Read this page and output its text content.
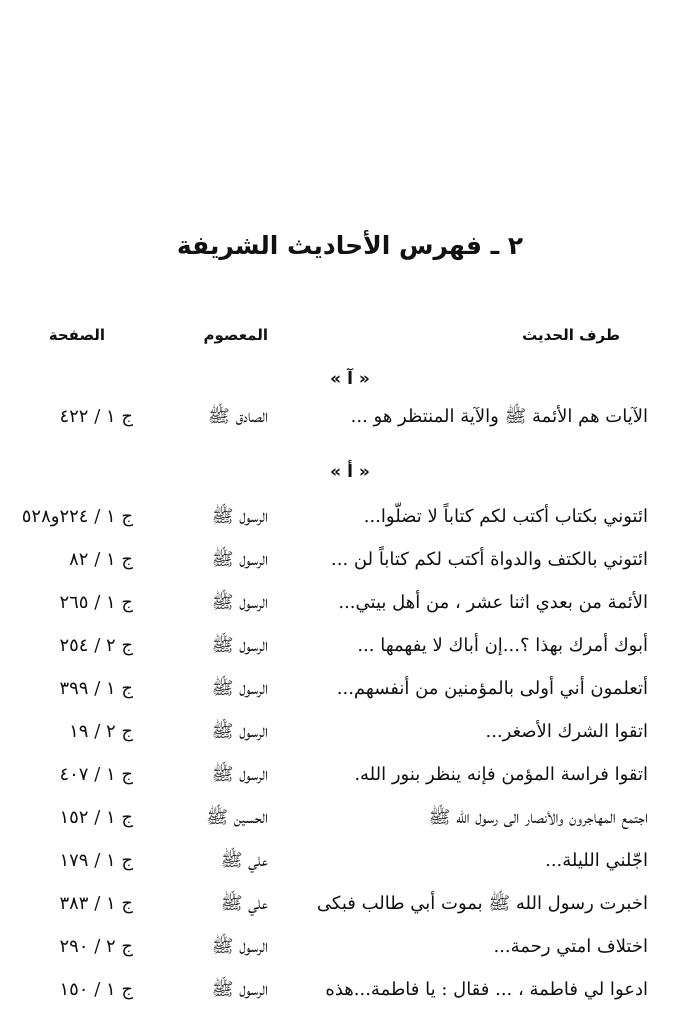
٢ ـ فهرس الأحاديث الشريفة
طرف الحديث
المعصوم
الصفحة
« آ »
الآيات هم الأئمة ﷺ والآية المنتظر هو ...
الصادق ﷺ
ج ١ / ٤٢٢
« أ »
ائتوني بكتاب أكتب لكم كتاباً لا تضلّوا...
الرسول ﷺ
ج ١ / ٢٢٤و٥٢٨
ائتوني بالكتف والدواة أكتب لكم كتاباً لن ...
الرسول ﷺ
ج ١ / ٨٢
الأئمة من بعدي اثنا عشر ، من أهل بيتي...
الرسول ﷺ
ج ١ / ٢٦٥
أبوك أمرك بهذا ؟...إن أباك لا يفهمها ...
الرسول ﷺ
ج ٢ / ٢٥٤
أتعلمون أني أولى بالمؤمنين من أنفسهم...
الرسول ﷺ
ج ١ / ٣٩٩
اتقوا الشرك الأصغر...
الرسول ﷺ
ج ٢ / ١٩
اتقوا فراسة المؤمن فإنه ينظر بنور الله.
الرسول ﷺ
ج ١ / ٤٠٧
اجتمع المهاجرون والأنصار الى رسول الله ﷺ
الحسين ﷺ
ج ١ / ١٥٢
اجّلني الليلة...
علي ﷺ
ج ١ / ١٧٩
اخبرت رسول الله ﷺ بموت أبي طالب فبكى
علي ﷺ
ج ١ / ٣٨٣
اختلاف امتي رحمة...
الرسول ﷺ
ج ٢ / ٢٩٠
ادعوا لي فاطمة ، ... فقال : يا فاطمة...هذه
الرسول ﷺ
ج ١ / ١٥٠
